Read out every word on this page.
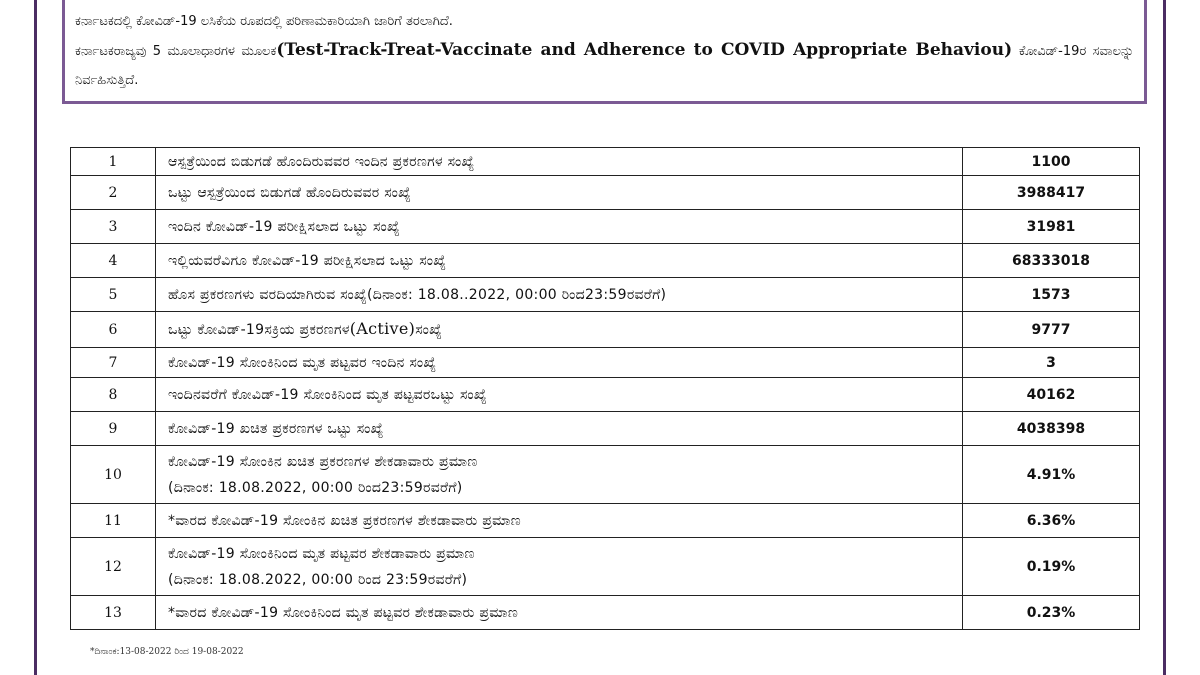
ಕರ್ನಾಟಕದಲ್ಲಿ ಕೋವಿಡ್-19 ಲಸಿಕೆಯ ರೂಪದಲ್ಲಿ ಪರಿಣಾಮಕಾರಿಯಾಗಿ ಜಾರಿಗೆ ತರಲಾಗಿದೆ.

ಕರ್ನಾಟಕರಾಜ್ಯವು 5 ಮೂಲಾಧಾರಗಳ ಮೂಲಕ(Test-Track-Treat-Vaccinate and Adherence to COVID Appropriate Behaviou) ಕೋವಿಡ್-19ರ ಸವಾಲನ್ನು ನಿರ್ವಹಿಸುತ್ತಿದೆ.

1	ಆಸ್ಪತ್ರೆಯಿಂದ ಬಿಡುಗಡೆ ಹೊಂದಿರುವವರ ಇಂದಿನ ಪ್ರಕರಣಗಳ ಸಂಖ್ಯೆ	1100
2	ಒಟ್ಟು ಆಸ್ಪತ್ರೆಯಿಂದ ಬಿಡುಗಡೆ ಹೊಂದಿರುವವರ ಸಂಖ್ಯೆ	3988417
3	ಇಂದಿನ ಕೋವಿಡ್-19 ಪರೀಕ್ಷಿಸಲಾದ ಒಟ್ಟು ಸಂಖ್ಯೆ	31981
4	ಇಲ್ಲಿಯವರೆವಿಗೂ ಕೋವಿಡ್-19 ಪರೀಕ್ಷಿಸಲಾದ ಒಟ್ಟು ಸಂಖ್ಯೆ	68333018
5	ಹೊಸ ಪ್ರಕರಣಗಳು ವರದಿಯಾಗಿರುವ ಸಂಖ್ಯೆ(ದಿನಾಂಕ: 18.08..2022, 00:00 ರಿಂದ23:59ರವರೆಗೆ)	1573
6	ಒಟ್ಟು ಕೋವಿಡ್-19ಸಕ್ರಿಯ ಪ್ರಕರಣಗಳ(Active)ಸಂಖ್ಯೆ	9777
7	ಕೋವಿಡ್-19 ಸೋಂಕಿನಿಂದ ಮೃತ ಪಟ್ಟವರ ಇಂದಿನ ಸಂಖ್ಯೆ	3
8	ಇಂದಿನವರೆಗೆ ಕೋವಿಡ್-19 ಸೋಂಕಿನಿಂದ ಮೃತ ಪಟ್ಟವರಒಟ್ಟು ಸಂಖ್ಯೆ	40162
9	ಕೋವಿಡ್-19 ಖಚಿತ ಪ್ರಕರಣಗಳ ಒಟ್ಟು ಸಂಖ್ಯೆ	4038398
10	ಕೋವಿಡ್-19 ಸೋಂಕಿನ ಖಚಿತ ಪ್ರಕರಣಗಳ ಶೇಕಡಾವಾರು ಪ್ರಮಾಣ
(ದಿನಾಂಕ: 18.08.2022, 00:00 ರಿಂದ23:59ರವರೆಗೆ)	4.91%
11	*ವಾರದ ಕೋವಿಡ್-19 ಸೋಂಕಿನ ಖಚಿತ ಪ್ರಕರಣಗಳ ಶೇಕಡಾವಾರು ಪ್ರಮಾಣ	6.36%
12	ಕೋವಿಡ್-19 ಸೋಂಕಿನಿಂದ ಮೃತ ಪಟ್ಟವರ ಶೇಕಡಾವಾರು ಪ್ರಮಾಣ
(ದಿನಾಂಕ: 18.08.2022, 00:00 ರಿಂದ 23:59ರವರೆಗೆ)	0.19%
13	*ವಾರದ ಕೋವಿಡ್-19 ಸೋಂಕಿನಿಂದ ಮೃತ ಪಟ್ಟವರ ಶೇಕಡಾವಾರು ಪ್ರಮಾಣ	0.23%
*ದಿನಾಂಕ:13-08-2022 ರಿಂದ 19-08-2022
